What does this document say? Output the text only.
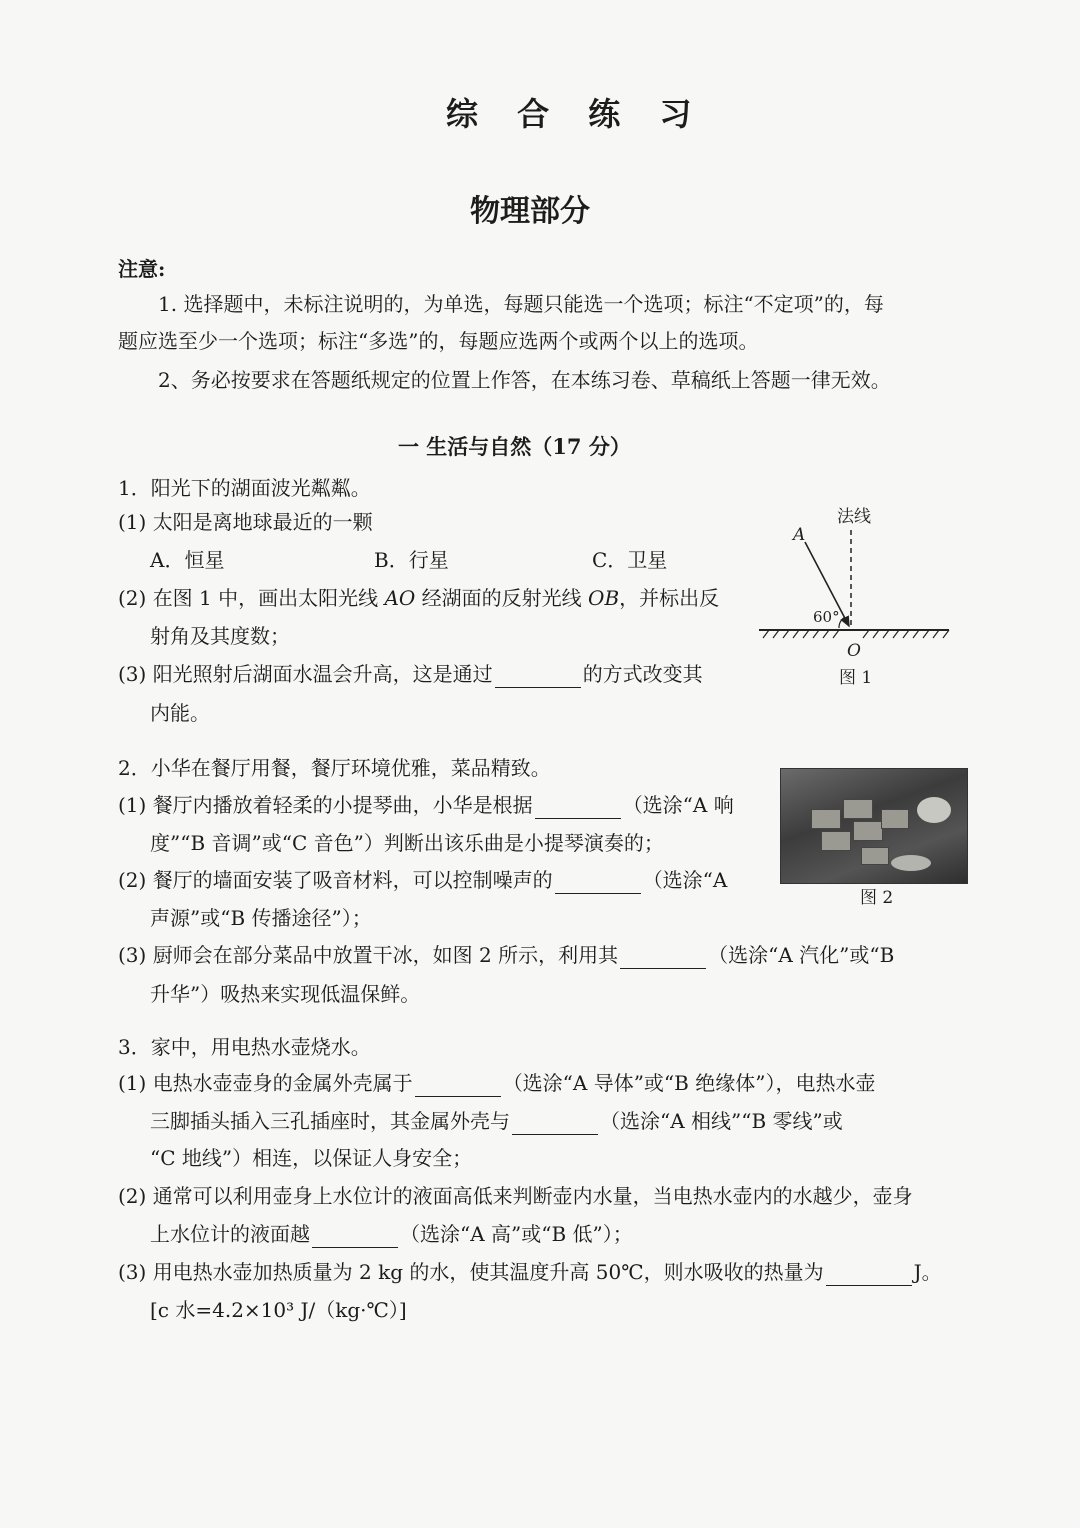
综 合 练 习
物理部分
注意:
1. 选择题中，未标注说明的，为单选，每题只能选一个选项；标注“不定项”的，每
题应选至少一个选项；标注“多选”的，每题应选两个或两个以上的选项。
2、务必按要求在答题纸规定的位置上作答，在本练习卷、草稿纸上答题一律无效。
一 生活与自然（17 分）
1．阳光下的湖面波光粼粼。
(1) 太阳是离地球最近的一颗
A．恒星	B．行星	C．卫星
(2) 在图 1 中，画出太阳光线 AO 经湖面的反射光线 OB，并标出反
射角及其度数；
(3) 阳光照射后湖面水温会升高，这是通过	的方式改变其
内能。
法线
A
60°
O
图 1
2．小华在餐厅用餐，餐厅环境优雅，菜品精致。
(1) 餐厅内播放着轻柔的小提琴曲，小华是根据	（选涂“A 响
度”“B 音调”或“C 音色”）判断出该乐曲是小提琴演奏的；
(2) 餐厅的墙面安装了吸音材料，可以控制噪声的	（选涂“A
声源”或“B 传播途径”）；
(3) 厨师会在部分菜品中放置干冰，如图 2 所示，利用其	（选涂“A 汽化”或“B
升华”）吸热来实现低温保鲜。
图 2
3．家中，用电热水壶烧水。
(1) 电热水壶壶身的金属外壳属于	（选涂“A 导体”或“B 绝缘体”），电热水壶
三脚插头插入三孔插座时，其金属外壳与	（选涂“A 相线”“B 零线”或
“C 地线”）相连，以保证人身安全；
(2) 通常可以利用壶身上水位计的液面高低来判断壶内水量，当电热水壶内的水越少，壶身
上水位计的液面越	（选涂“A 高”或“B 低”）；
(3) 用电热水壶加热质量为 2 kg 的水，使其温度升高 50℃，则水吸收的热量为	J。
[c 水=4.2×10³ J/（kg·℃）]
